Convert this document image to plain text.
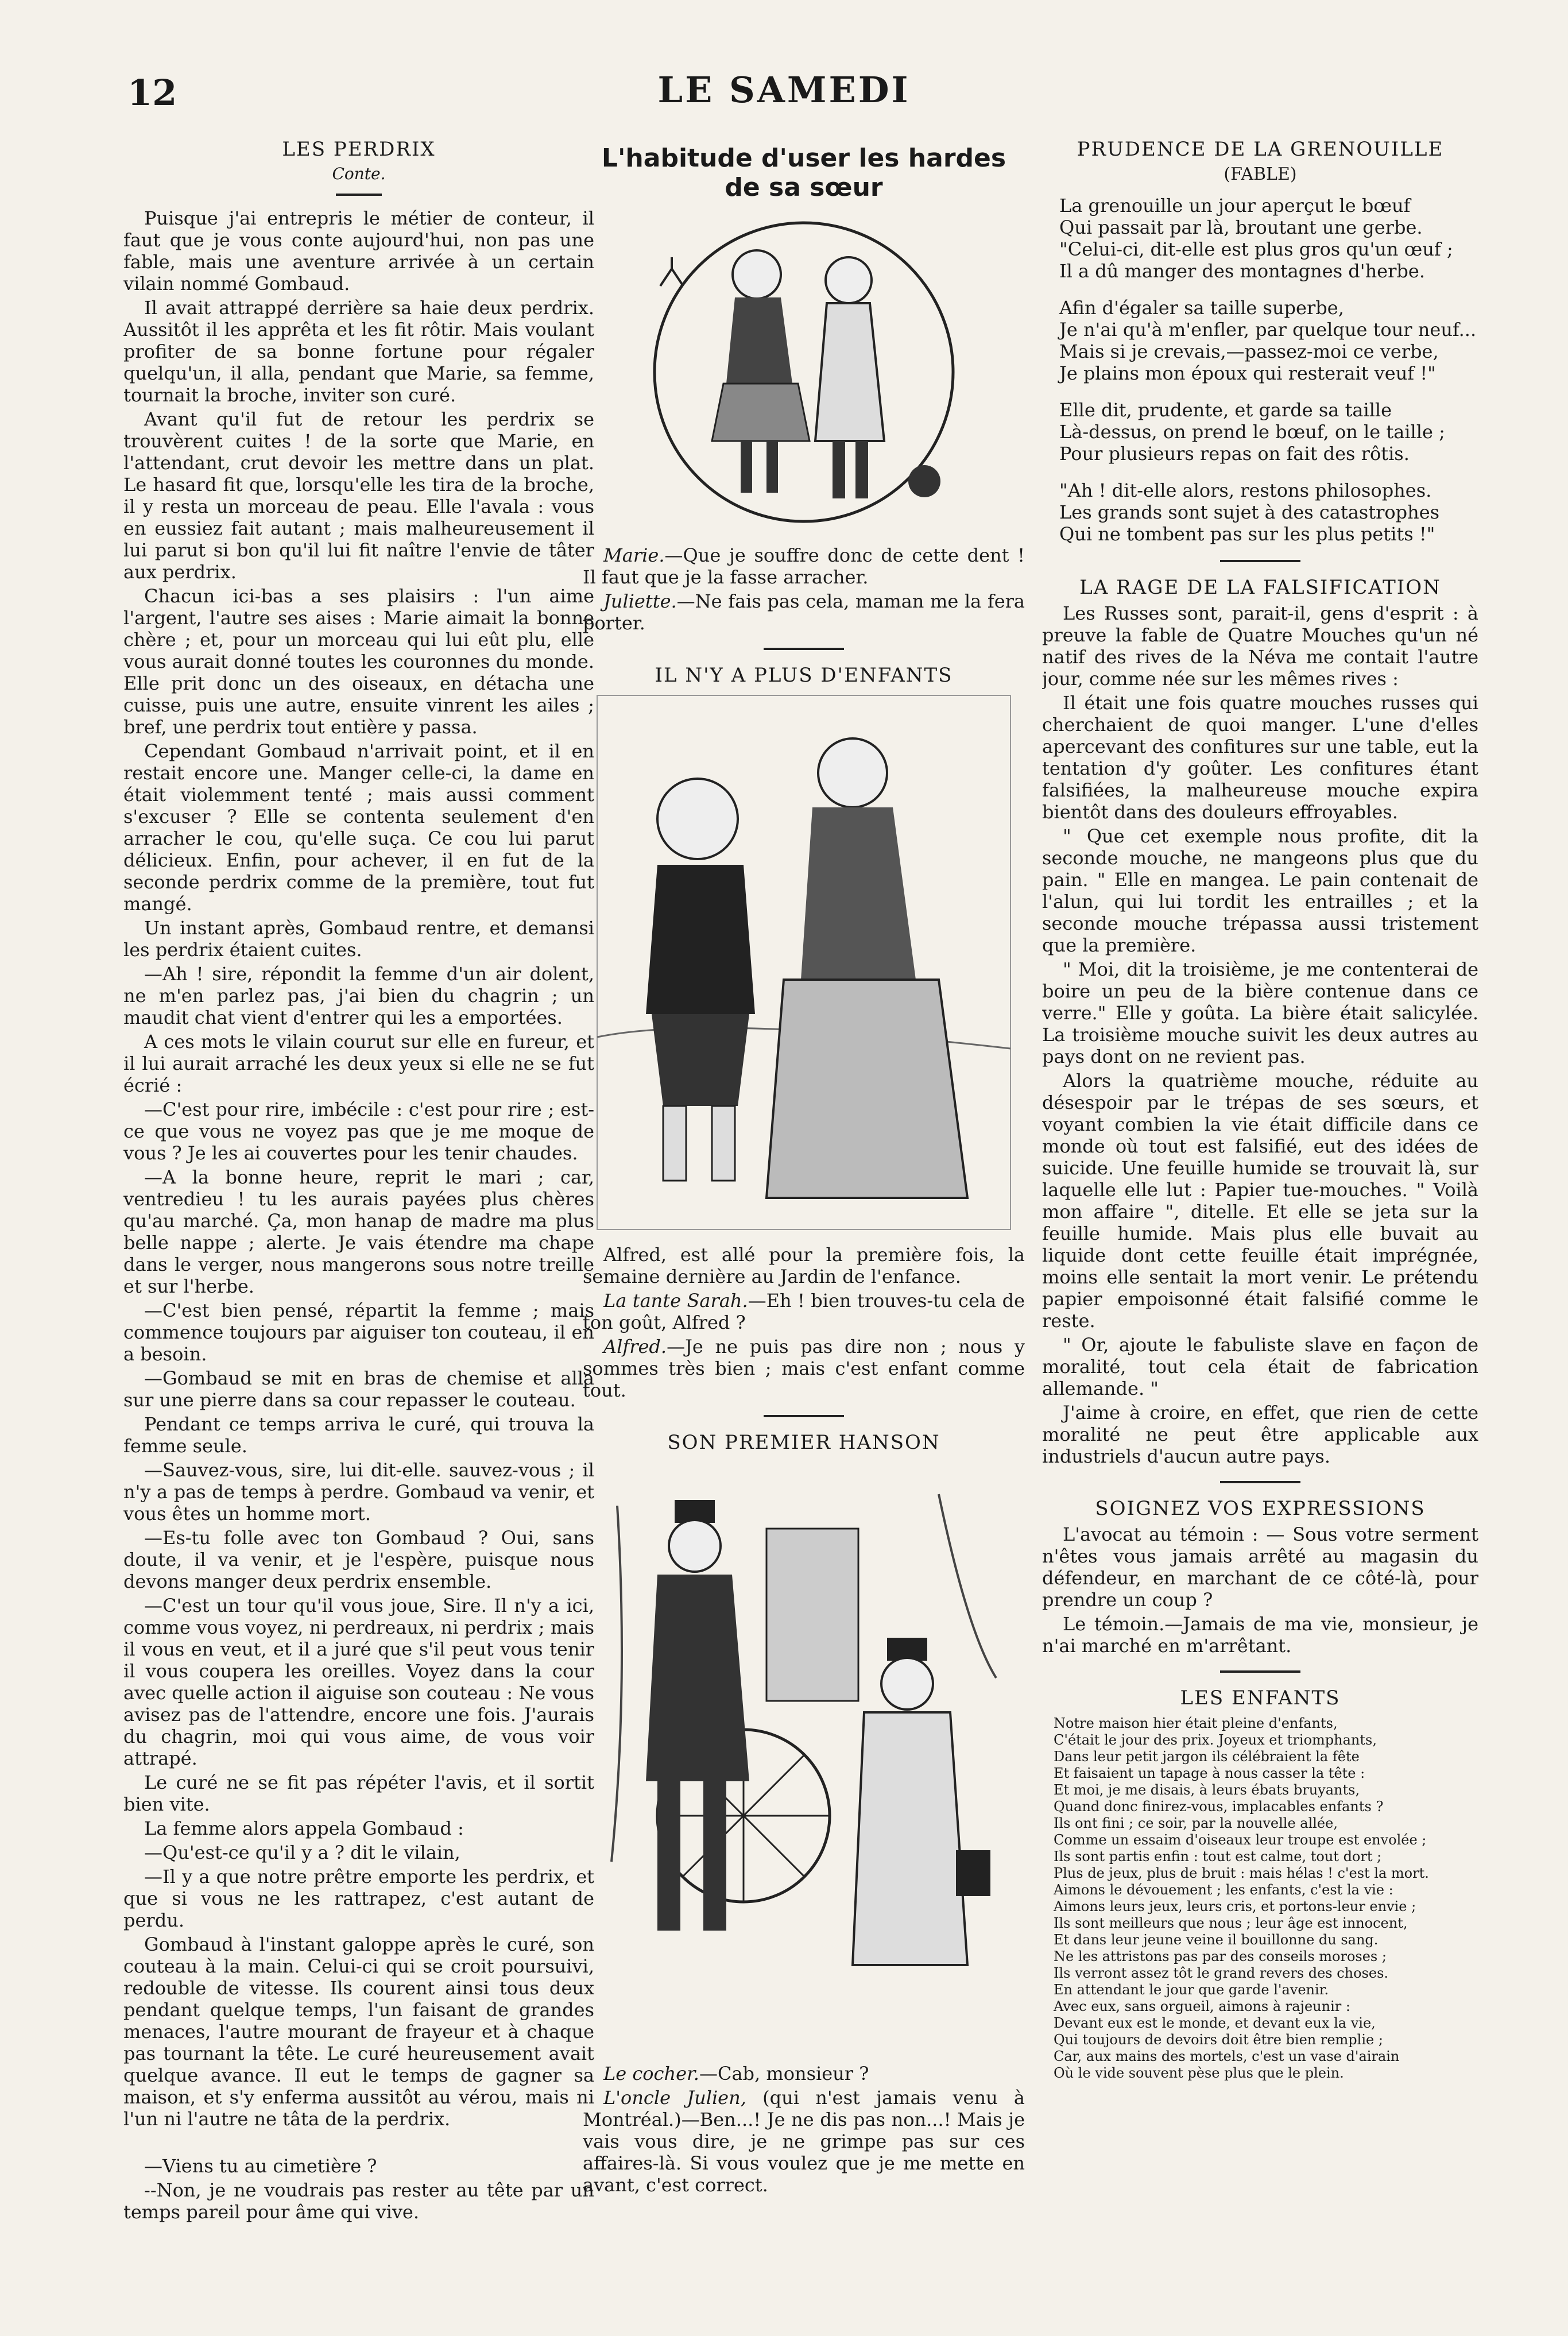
12	LE SAMEDI
LES PERDRIX
Conte.

Puisque j'ai entrepris le métier de conteur, il faut que je vous conte aujourd'hui, non pas une fable, mais une aventure arrivée à un certain vilain nommé Gombaud.

Il avait attrappé derrière sa haie deux perdrix. Aussitôt il les apprêta et les fit rôtir. Mais voulant profiter de sa bonne fortune pour régaler quelqu'un, il alla, pendant que Marie, sa femme, tournait la broche, inviter son curé.

Avant qu'il fut de retour les perdrix se trouvèrent cuites ! de la sorte que Marie, en l'attendant, crut devoir les mettre dans un plat. Le hasard fit que, lorsqu'elle les tira de la broche, il y resta un morceau de peau. Elle l'avala : vous en eussiez fait autant ; mais malheureusement il lui parut si bon qu'il lui fit naître l'envie de tâter aux perdrix.

Chacun ici-bas a ses plaisirs : l'un aime l'argent, l'autre ses aises : Marie aimait la bonne chère ; et, pour un morceau qui lui eût plu, elle vous aurait donné toutes les couronnes du monde. Elle prit donc un des oiseaux, en détacha une cuisse, puis une autre, ensuite vinrent les ailes ; bref, une perdrix tout entière y passa.

Cependant Gombaud n'arrivait point, et il en restait encore une. Manger celle-ci, la dame en était violemment tenté ; mais aussi comment s'excuser ? Elle se contenta seulement d'en arracher le cou, qu'elle suça. Ce cou lui parut délicieux. Enfin, pour achever, il en fut de la seconde perdrix comme de la première, tout fut mangé.

Un instant après, Gombaud rentre, et demansi les perdrix étaient cuites.

—Ah ! sire, répondit la femme d'un air dolent, ne m'en parlez pas, j'ai bien du chagrin ; un maudit chat vient d'entrer qui les a emportées.

A ces mots le vilain courut sur elle en fureur, et il lui aurait arraché les deux yeux si elle ne se fut écrié :

—C'est pour rire, imbécile : c'est pour rire ; est-ce que vous ne voyez pas que je me moque de vous ? Je les ai couvertes pour les tenir chaudes.

—A la bonne heure, reprit le mari ; car, ventredieu ! tu les aurais payées plus chères qu'au marché. Ça, mon hanap de madre ma plus belle nappe ; alerte. Je vais étendre ma chape dans le verger, nous mangerons sous notre treille et sur l'herbe.

—C'est bien pensé, répartit la femme ; mais commence toujours par aiguiser ton couteau, il en a besoin.

—Gombaud se mit en bras de chemise et alla sur une pierre dans sa cour repasser le couteau.

Pendant ce temps arriva le curé, qui trouva la femme seule.

—Sauvez-vous, sire, lui dit-elle. sauvez-vous ; il n'y a pas de temps à perdre. Gombaud va venir, et vous êtes un homme mort.

—Es-tu folle avec ton Gombaud ? Oui, sans doute, il va venir, et je l'espère, puisque nous devons manger deux perdrix ensemble.

—C'est un tour qu'il vous joue, Sire. Il n'y a ici, comme vous voyez, ni perdreaux, ni perdrix ; mais il vous en veut, et il a juré que s'il peut vous tenir il vous coupera les oreilles. Voyez dans la cour avec quelle action il aiguise son couteau : Ne vous avisez pas de l'attendre, encore une fois. J'aurais du chagrin, moi qui vous aime, de vous voir attrapé.

Le curé ne se fit pas répéter l'avis, et il sortit bien vite.

La femme alors appela Gombaud :

—Qu'est-ce qu'il y a ? dit le vilain,

—Il y a que notre prêtre emporte les perdrix, et que si vous ne les rattrapez, c'est autant de perdu.

Gombaud à l'instant galoppe après le curé, son couteau à la main. Celui-ci qui se croit poursuivi, redouble de vitesse. Ils courent ainsi tous deux pendant quelque temps, l'un faisant de grandes menaces, l'autre mourant de frayeur et à chaque pas tournant la tête. Le curé heureusement avait quelque avance. Il eut le temps de gagner sa maison, et s'y enferma aussitôt au vérou, mais ni l'un ni l'autre ne tâta de la perdrix.

—Viens tu au cimetière ?

--Non, je ne voudrais pas rester au tête par un temps pareil pour âme qui vive.

L'habitude d'user les hardes de sa sœur

Marie.—Que je souffre donc de cette dent ! Il faut que je la fasse arracher.

Juliette.—Ne fais pas cela, maman me la fera porter.

IL N'Y A PLUS D'ENFANTS

Alfred, est allé pour la première fois, la semaine dernière au Jardin de l'enfance.

La tante Sarah.—Eh ! bien trouves-tu cela de ton goût, Alfred ?

Alfred.—Je ne puis pas dire non ; nous y sommes très bien ; mais c'est enfant comme tout.

SON PREMIER HANSON

Le cocher.—Cab, monsieur ?

L'oncle Julien, (qui n'est jamais venu à Montréal.)—Ben...! Je ne dis pas non...! Mais je vais vous dire, je ne grimpe pas sur ces affaires-là. Si vous voulez que je me mette en avant, c'est correct.

PRUDENCE DE LA GRENOUILLE
(FABLE)
La grenouille un jour aperçut le bœuf
Qui passait par là, broutant une gerbe.
"Celui-ci, dit-elle est plus gros qu'un œuf ;
Il a dû manger des montagnes d'herbe.
Afin d'égaler sa taille superbe,
Je n'ai qu'à m'enfler, par quelque tour neuf...
Mais si je crevais,—passez-moi ce verbe,
Je plains mon époux qui resterait veuf !"
Elle dit, prudente, et garde sa taille
Là-dessus, on prend le bœuf, on le taille ;
Pour plusieurs repas on fait des rôtis.
"Ah ! dit-elle alors, restons philosophes.
Les grands sont sujet à des catastrophes
Qui ne tombent pas sur les plus petits !"
LA RAGE DE LA FALSIFICATION

Les Russes sont, parait-il, gens d'esprit : à preuve la fable de Quatre Mouches qu'un né natif des rives de la Néva me contait l'autre jour, comme née sur les mêmes rives :

Il était une fois quatre mouches russes qui cherchaient de quoi manger. L'une d'elles apercevant des confitures sur une table, eut la tentation d'y goûter. Les confitures étant falsifiées, la malheureuse mouche expira bientôt dans des douleurs effroyables.

" Que cet exemple nous profite, dit la seconde mouche, ne mangeons plus que du pain. " Elle en mangea. Le pain contenait de l'alun, qui lui tordit les entrailles ; et la seconde mouche trépassa aussi tristement que la première.

" Moi, dit la troisième, je me contenterai de boire un peu de la bière contenue dans ce verre." Elle y goûta. La bière était salicylée. La troisième mouche suivit les deux autres au pays dont on ne revient pas.

Alors la quatrième mouche, réduite au désespoir par le trépas de ses sœurs, et voyant combien la vie était difficile dans ce monde où tout est falsifié, eut des idées de suicide. Une feuille humide se trouvait là, sur laquelle elle lut : Papier tue-mouches. " Voilà mon affaire ", ditelle. Et elle se jeta sur la feuille humide. Mais plus elle buvait au liquide dont cette feuille était imprégnée, moins elle sentait la mort venir. Le prétendu papier empoisonné était falsifié comme le reste.

" Or, ajoute le fabuliste slave en façon de moralité, tout cela était de fabrication allemande. "

J'aime à croire, en effet, que rien de cette moralité ne peut être applicable aux industriels d'aucun autre pays.

SOIGNEZ VOS EXPRESSIONS

L'avocat au témoin : — Sous votre serment n'êtes vous jamais arrêté au magasin du défendeur, en marchant de ce côté-là, pour prendre un coup ?

Le témoin.—Jamais de ma vie, monsieur, je n'ai marché en m'arrêtant.

LES ENFANTS
Notre maison hier était pleine d'enfants,
C'était le jour des prix. Joyeux et triomphants,
Dans leur petit jargon ils célébraient la fête
Et faisaient un tapage à nous casser la tête :
Et moi, je me disais, à leurs ébats bruyants,
Quand donc finirez-vous, implacables enfants ?
Ils ont fini ; ce soir, par la nouvelle allée,
Comme un essaim d'oiseaux leur troupe est envolée ;
Ils sont partis enfin : tout est calme, tout dort ;
Plus de jeux, plus de bruit : mais hélas ! c'est la mort.
Aimons le dévouement ; les enfants, c'est la vie :
Aimons leurs jeux, leurs cris, et portons-leur envie ;
Ils sont meilleurs que nous ; leur âge est innocent,
Et dans leur jeune veine il bouillonne du sang.
Ne les attristons pas par des conseils moroses ;
Ils verront assez tôt le grand revers des choses.
En attendant le jour que garde l'avenir.
Avec eux, sans orgueil, aimons à rajeunir :
Devant eux est le monde, et devant eux la vie,
Qui toujours de devoirs doit être bien remplie ;
Car, aux mains des mortels, c'est un vase d'airain
Où le vide souvent pèse plus que le plein.
